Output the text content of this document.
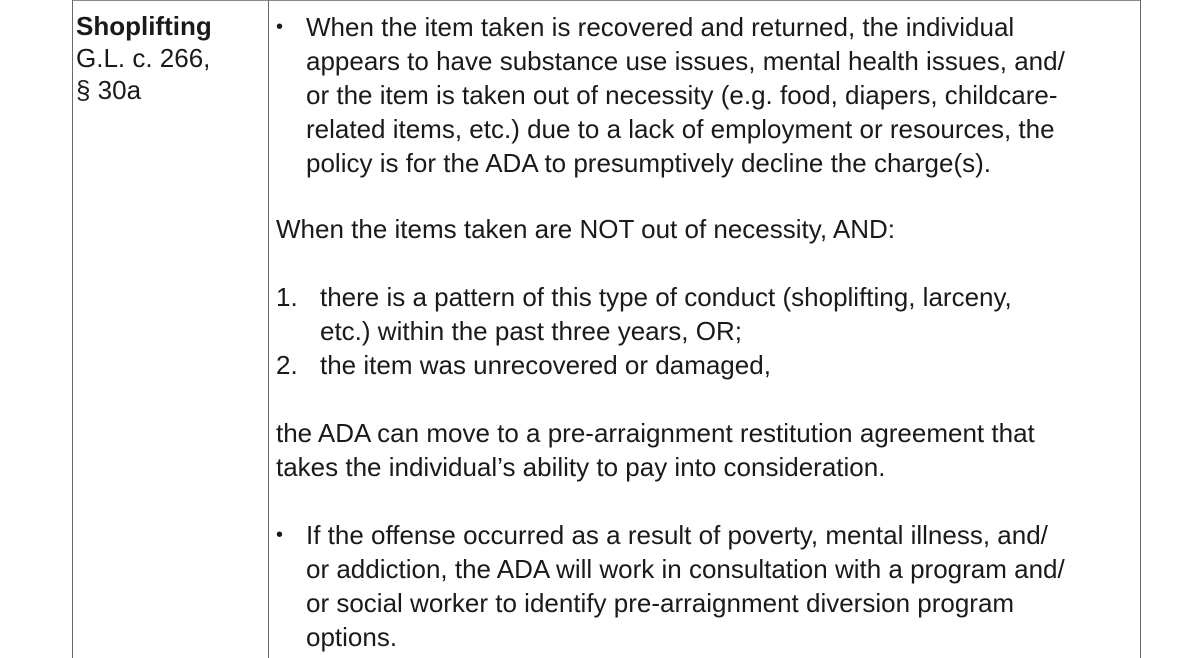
Shoplifting
G.L. c. 266,
§ 30a
• When the item taken is recovered and returned, the individual
appears to have substance use issues, mental health issues, and/
or the item is taken out of necessity (e.g. food, diapers, childcare-
related items, etc.) due to a lack of employment or resources, the
policy is for the ADA to presumptively decline the charge(s).

When the items taken are NOT out of necessity, AND:

1. there is a pattern of this type of conduct (shoplifting, larceny,
etc.) within the past three years, OR;
2. the item was unrecovered or damaged,
the ADA can move to a pre-arraignment restitution agreement that
takes the individual’s ability to pay into consideration.
• If the offense occurred as a result of poverty, mental illness, and/
or addiction, the ADA will work in consultation with a program and/
or social worker to identify pre-arraignment diversion program
options.
